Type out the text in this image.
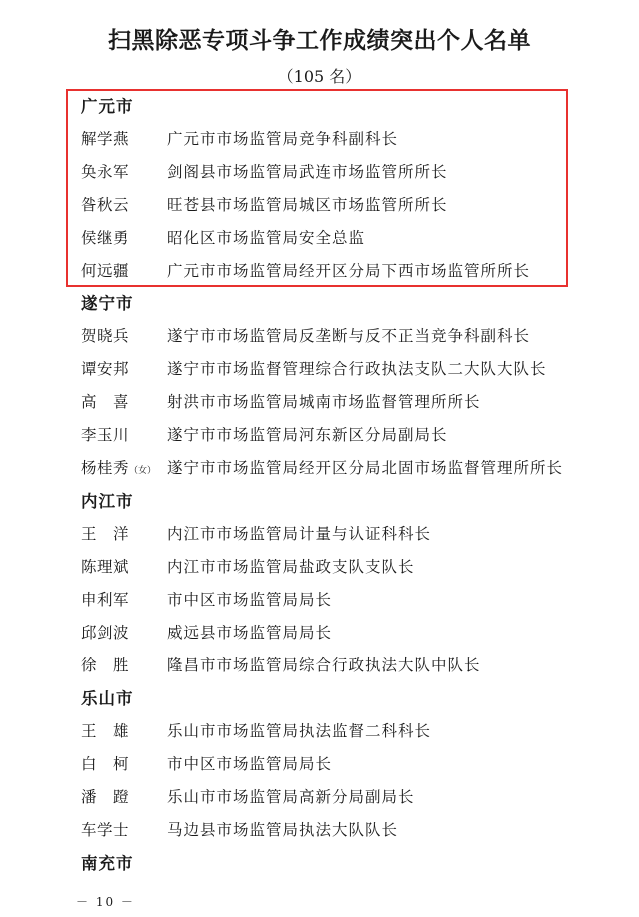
扫黑除恶专项斗争工作成绩突出个人名单
（105 名）
广元市
解学燕 广元市市场监管局竞争科副科长
奂永军 剑阁县市场监管局武连市场监管所所长
昝秋云 旺苍县市场监管局城区市场监管所所长
侯继勇 昭化区市场监管局安全总监
何远疆 广元市市场监管局经开区分局下西市场监管所所长
遂宁市
贺晓兵 遂宁市市场监管局反垄断与反不正当竞争科副科长
谭安邦 遂宁市市场监督管理综合行政执法支队二大队大队长
高　喜 射洪市市场监管局城南市场监督管理所所长
李玉川 遂宁市市场监管局河东新区分局副局长
杨桂秀（女） 遂宁市市场监管局经开区分局北固市场监督管理所所长
内江市
王　洋 内江市市场监管局计量与认证科科长
陈理斌 内江市市场监管局盐政支队支队长
申利军 市中区市场监管局局长
邱剑波 威远县市场监管局局长
徐　胜 隆昌市市场监管局综合行政执法大队中队长
乐山市
王　雄 乐山市市场监管局执法监督二科科长
白　柯 市中区市场监管局局长
潘　蹬 乐山市市场监管局高新分局副局长
车学士 马边县市场监管局执法大队队长
南充市
－ 10 －
